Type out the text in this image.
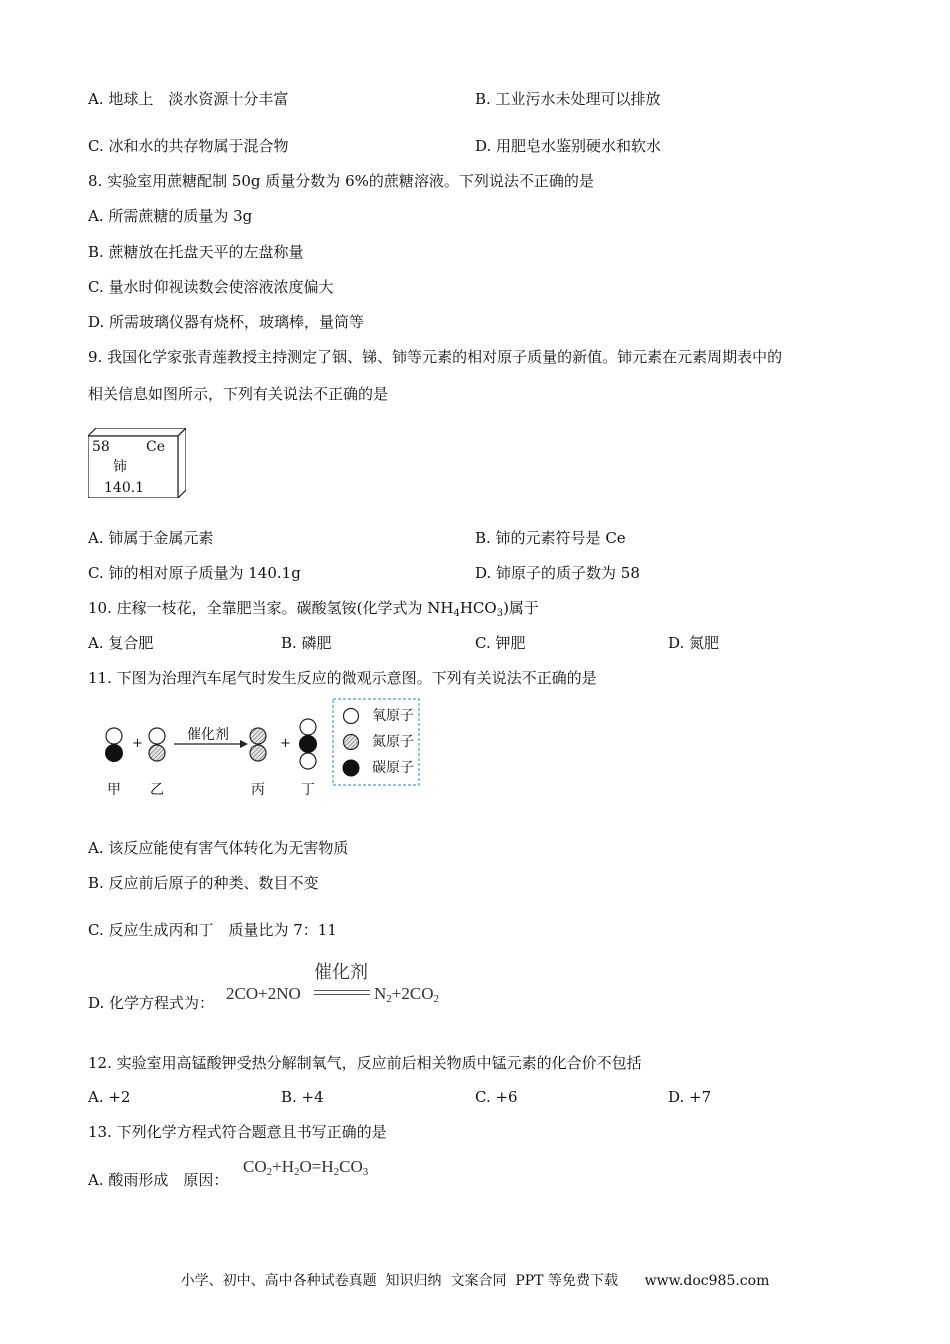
A. 地球上　淡水资源十分丰富	B. 工业污水未处理可以排放
C. 冰和水的共存物属于混合物	D. 用肥皂水鉴别硬水和软水
8. 实验室用蔗糖配制 50g 质量分数为 6%的蔗糖溶液。下列说法不正确的是
A. 所需蔗糖的质量为 3g
B. 蔗糖放在托盘天平的左盘称量
C. 量水时仰视读数会使溶液浓度偏大
D. 所需玻璃仪器有烧杯，玻璃棒，量筒等
9. 我国化学家张青莲教授主持测定了铟、锑、铈等元素的相对原子质量的新值。铈元素在元素周期表中的
相关信息如图所示，下列有关说法不正确的是
58	Ce
铈
140.1
A. 铈属于金属元素	B. 铈的元素符号是 Ce
C. 铈的相对原子质量为 140.1g	D. 铈原子的质子数为 58
10. 庄稼一枝花，全靠肥当家。碳酸氢铵(化学式为 $NH_4HCO_3$)属于
A. 复合肥	B. 磷肥	C. 钾肥	D. 氮肥
11. 下图为治理汽车尾气时发生反应的微观示意图。下列有关说法不正确的是
+
催化剂
+
甲 乙	丙	丁
氧原子
氮原子
碳原子
A. 该反应能使有害气体转化为无害物质
B. 反应前后原子的种类、数目不变
C. 反应生成丙和丁　质量比为 7：11
D. 化学方程式为： 2CO+2NO
催化剂
$N_2+2CO_2$
12. 实验室用高锰酸钾受热分解制氧气，反应前后相关物质中锰元素的化合价不包括
A. +2	B. +4	C. +6	D. +7
13. 下列化学方程式符合题意且书写正确的是
A. 酸雨形成　原因：
$CO_2+H_2O=H_2CO_3$
小学、初中、高中各种试卷真题  知识归纳  文案合同  PPT 等免费下载      www.doc985.com
